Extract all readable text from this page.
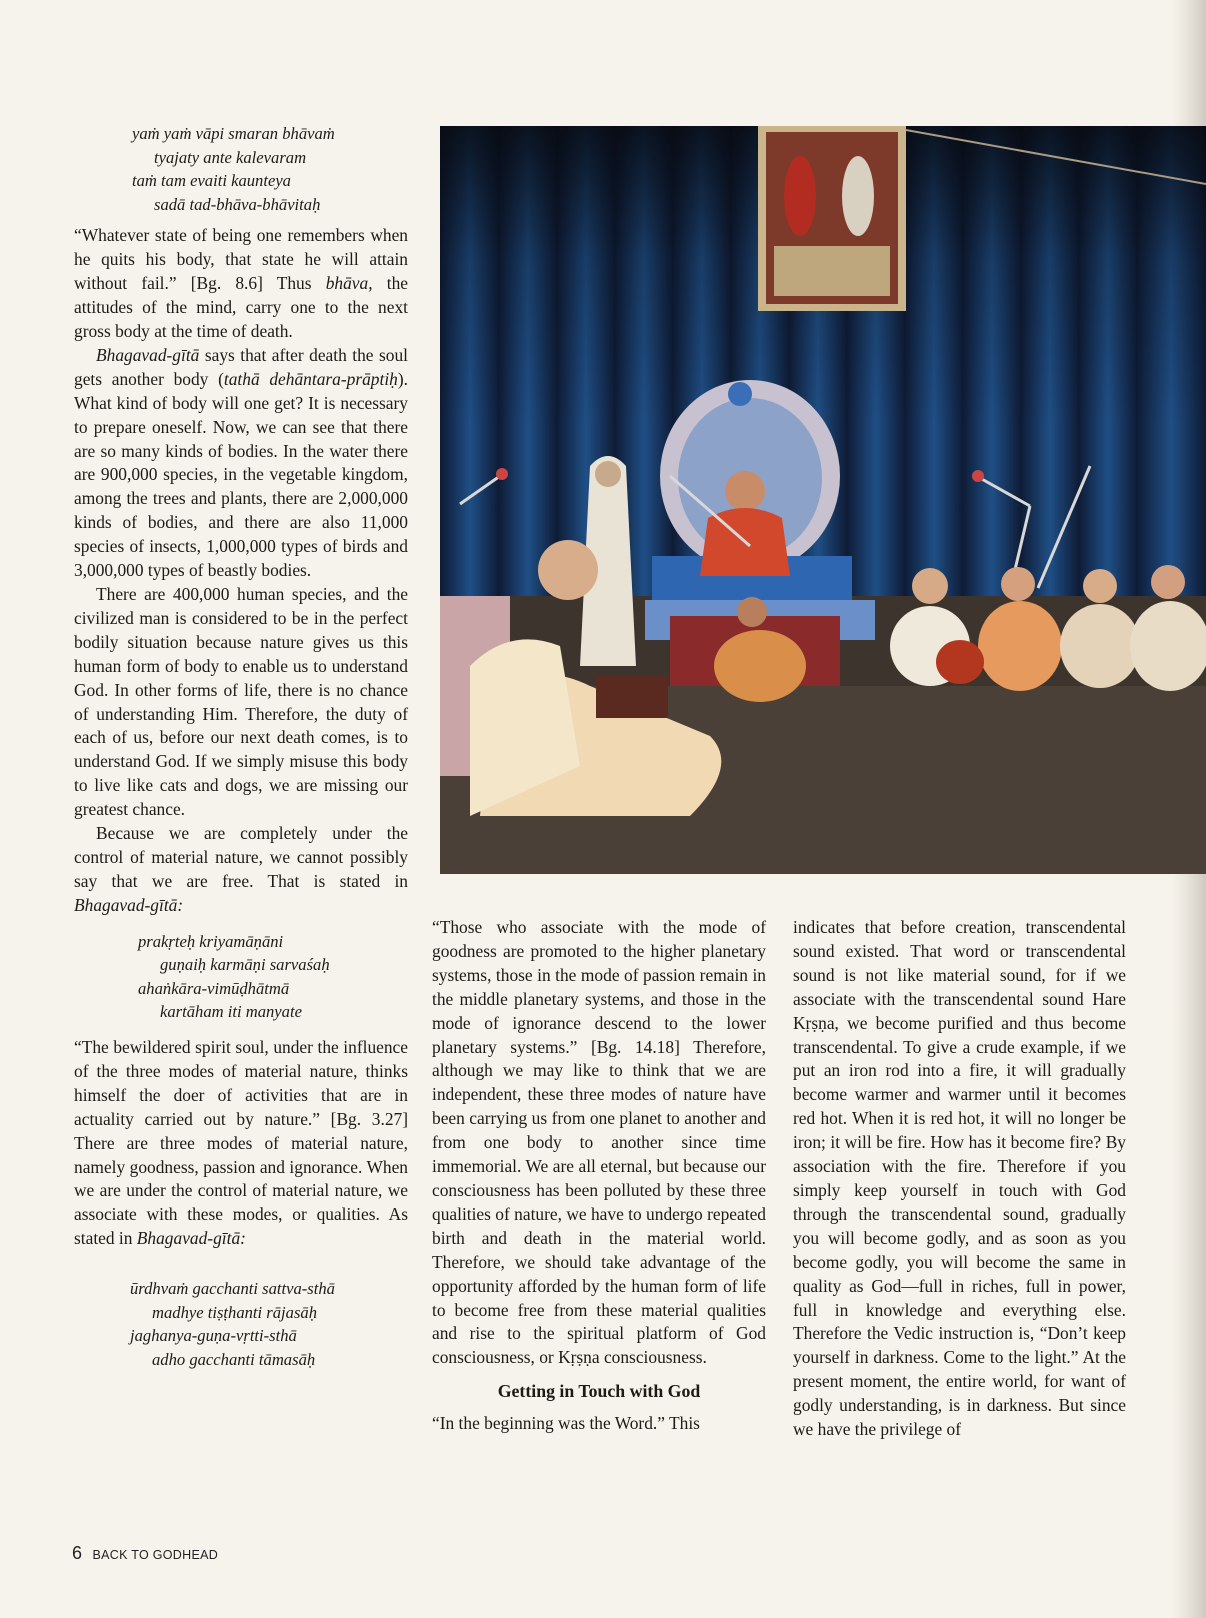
yaṁ yaṁ vāpi smaran bhāvaṁ
tyajaty ante kalevaram
taṁ tam evaiti kaunteya
sadā tad-bhāva-bhāvitaḥ

“Whatever state of being one remembers when he quits his body, that state he will attain without fail.” [Bg. 8.6] Thus bhāva, the attitudes of the mind, carry one to the next gross body at the time of death.

Bhagavad-gītā says that after death the soul gets another body (tathā dehāntara-prāptiḥ). What kind of body will one get? It is necessary to prepare oneself. Now, we can see that there are so many kinds of bodies. In the water there are 900,000 species, in the vegetable kingdom, among the trees and plants, there are 2,000,000 kinds of bodies, and there are also 11,000 species of insects, 1,000,000 types of birds and 3,000,000 types of beastly bodies.

There are 400,000 human species, and the civilized man is considered to be in the perfect bodily situation because nature gives us this human form of body to enable us to understand God. In other forms of life, there is no chance of understanding Him. Therefore, the duty of each of us, before our next death comes, is to understand God. If we simply misuse this body to live like cats and dogs, we are missing our greatest chance.

Because we are completely under the control of material nature, we cannot possibly say that we are free. That is stated in Bhagavad-gītā:

prakṛteḥ kriyamāṇāni
guṇaiḥ karmāṇi sarvaśaḥ
ahaṅkāra-vimūḍhātmā
kartāham iti manyate

“The bewildered spirit soul, under the influence of the three modes of material nature, thinks himself the doer of activities that are in actuality carried out by nature.” [Bg. 3.27] There are three modes of material nature, namely goodness, passion and ignorance. When we are under the control of material nature, we associate with these modes, or qualities. As stated in Bhagavad-gītā:

ūrdhvaṁ gacchanti sattva-sthā
madhye tiṣṭhanti rājasāḥ
jaghanya-guṇa-vṛtti-sthā
adho gacchanti tāmasāḥ

“Those who associate with the mode of goodness are promoted to the higher planetary systems, those in the mode of passion remain in the middle planetary systems, and those in the mode of ignorance descend to the lower planetary systems.” [Bg. 14.18] Therefore, although we may like to think that we are independent, these three modes of nature have been carrying us from one planet to another and from one body to another since time immemorial. We are all eternal, but because our consciousness has been polluted by these three qualities of nature, we have to undergo repeated birth and death in the material world. Therefore, we should take advantage of the opportunity afforded by the human form of life to become free from these material qualities and rise to the spiritual platform of God consciousness, or Kṛṣṇa consciousness.

Getting in Touch with God

“In the beginning was the Word.” This

indicates that before creation, transcendental sound existed. That word or transcendental sound is not like material sound, for if we associate with the transcendental sound Hare Kṛṣṇa, we become purified and thus become transcendental. To give a crude example, if we put an iron rod into a fire, it will gradually become warmer and warmer until it becomes red hot. When it is red hot, it will no longer be iron; it will be fire. How has it become fire? By association with the fire. Therefore if you simply keep yourself in touch with God through the transcendental sound, gradually you will become godly, and as soon as you become godly, you will become the same in quality as God—full in riches, full in power, full in knowledge and everything else. Therefore the Vedic instruction is, “Don’t keep yourself in darkness. Come to the light.” At the present moment, the entire world, for want of godly understanding, is in darkness. But since we have the privilege of

6 BACK TO GODHEAD
